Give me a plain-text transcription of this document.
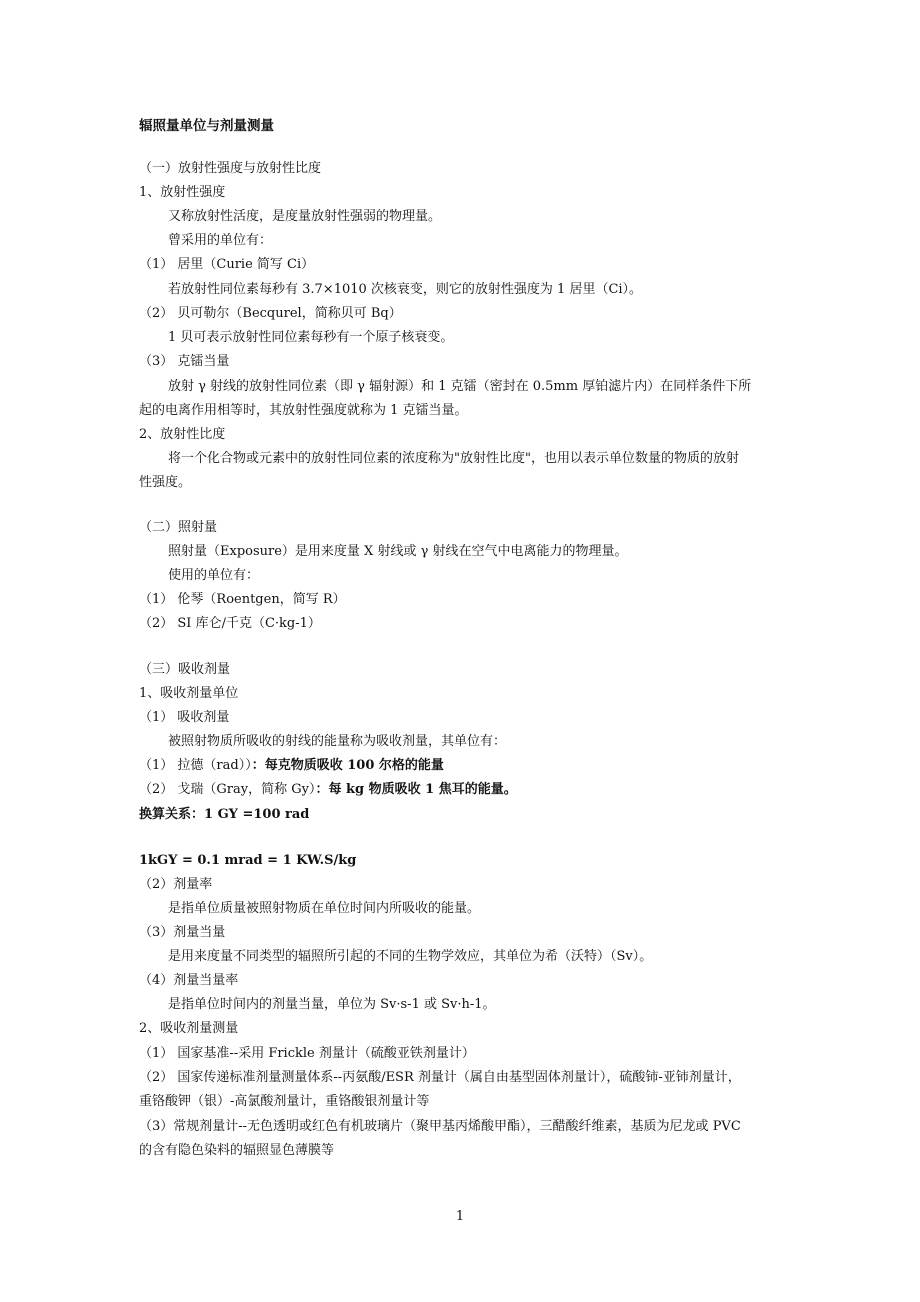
辐照量单位与剂量测量
（一）放射性强度与放射性比度
1、放射性强度
又称放射性活度，是度量放射性强弱的物理量。
曾采用的单位有：
（1） 居里（Curie 简写 Ci）
若放射性同位素每秒有 3.7×1010 次核衰变，则它的放射性强度为 1 居里（Ci）。
（2） 贝可勒尔（Becqurel，简称贝可 Bq）
1 贝可表示放射性同位素每秒有一个原子核衰变。
（3） 克镭当量
放射 γ 射线的放射性同位素（即 γ 辐射源）和 1 克镭（密封在 0.5mm 厚铂滤片内）在同样条件下所
起的电离作用相等时，其放射性强度就称为 1 克镭当量。
2、放射性比度
将一个化合物或元素中的放射性同位素的浓度称为"放射性比度"，也用以表示单位数量的物质的放射
性强度。
（二）照射量
照射量（Exposure）是用来度量 X 射线或 γ 射线在空气中电离能力的物理量。
使用的单位有：
（1） 伦琴（Roentgen，简写 R）
（2） SI 库仑/千克（C·kg-1）
（三）吸收剂量
1、吸收剂量单位
（1） 吸收剂量
被照射物质所吸收的射线的能量称为吸收剂量，其单位有：
（1） 拉德（rad））：每克物质吸收 100 尔格的能量
（2） 戈瑞（Gray，简称 Gy）：每 kg 物质吸收 1 焦耳的能量。
换算关系：1 GY =100 rad
1kGY = 0.1 mrad = 1 KW.S/kg
（2）剂量率
是指单位质量被照射物质在单位时间内所吸收的能量。
（3）剂量当量
是用来度量不同类型的辐照所引起的不同的生物学效应，其单位为希（沃特）（Sv）。
（4）剂量当量率
是指单位时间内的剂量当量，单位为 Sv·s-1 或 Sv·h-1。
2、吸收剂量测量
（1） 国家基准--采用 Frickle 剂量计（硫酸亚铁剂量计）
（2） 国家传递标准剂量测量体系--丙氨酸/ESR 剂量计（属自由基型固体剂量计），硫酸铈-亚铈剂量计，
重铬酸钾（银）-高氯酸剂量计，重铬酸银剂量计等
（3）常规剂量计--无色透明或红色有机玻璃片（聚甲基丙烯酸甲酯），三醋酸纤维素，基质为尼龙或 PVC
的含有隐色染料的辐照显色薄膜等
1
